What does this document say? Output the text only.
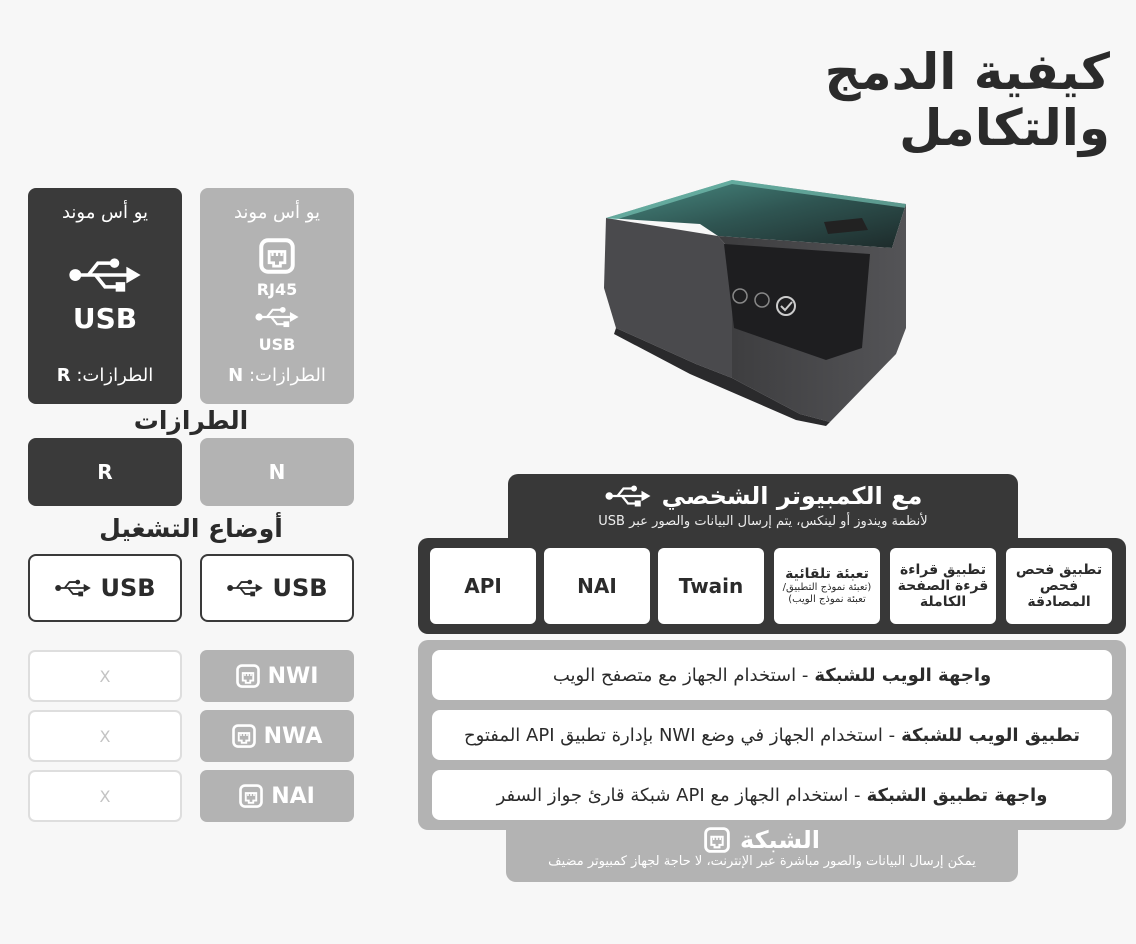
كيفية الدمج
والتكامل
يو أس موند
USB
الطرازات: R
يو أس موند
RJ45
USB
الطرازات: N
الطرازات
R	N
أوضاع التشغيل
USB	USB
X	NWI
X	NWA
X	NAI
مع الكمبيوتر الشخصي
لأنظمة ويندوز أو لينكس، يتم إرسال البيانات والصور عبر USB
API	NAI	Twain	تعبئة تلقائية
(تعبئة نموذج التطبيق/ تعبئة نموذج الويب)
تطبيق قراءة قرءة الصفحة الكاملة
تطبيق فحص فحص المصادقة
واجهة الويب للشبكة
- استخدام الجهاز مع متصفح الويب
تطبيق الويب للشبكة
- استخدام الجهاز في وضع NWI بإدارة تطبيق API المفتوح
واجهة تطبيق الشبكة
- استخدام الجهاز مع API شبكة قارئ جواز السفر
الشبكة
يمكن إرسال البيانات والصور مباشرة عبر الإنترنت، لا حاجة لجهاز كمبيوتر مضيف
